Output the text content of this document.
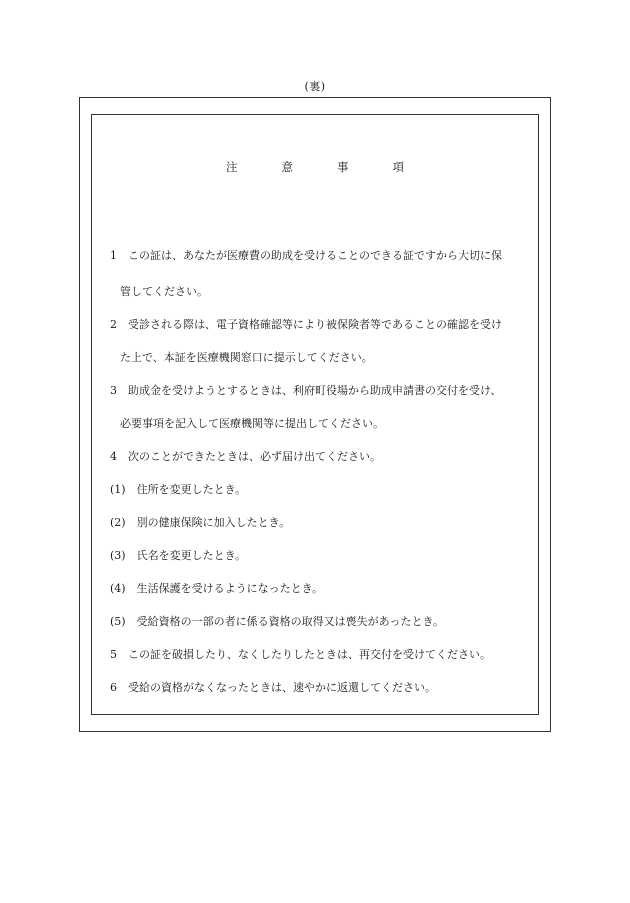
(裏)
注	意	事	項
1　この証は、あなたが医療費の助成を受けることのできる証ですから大切に保
管してください。
2　受診される際は、電子資格確認等により被保険者等であることの確認を受け
た上で、本証を医療機関窓口に提示してください。
3　助成金を受けようとするときは、利府町役場から助成申請書の交付を受け、
必要事項を記入して医療機関等に提出してください。
4　次のことができたときは、必ず届け出てください。
(1)　住所を変更したとき。
(2)　別の健康保険に加入したとき。
(3)　氏名を変更したとき。
(4)　生活保護を受けるようになったとき。
(5)　受給資格の一部の者に係る資格の取得又は喪失があったとき。
5　この証を破損したり、なくしたりしたときは、再交付を受けてください。
6　受給の資格がなくなったときは、速やかに返還してください。
